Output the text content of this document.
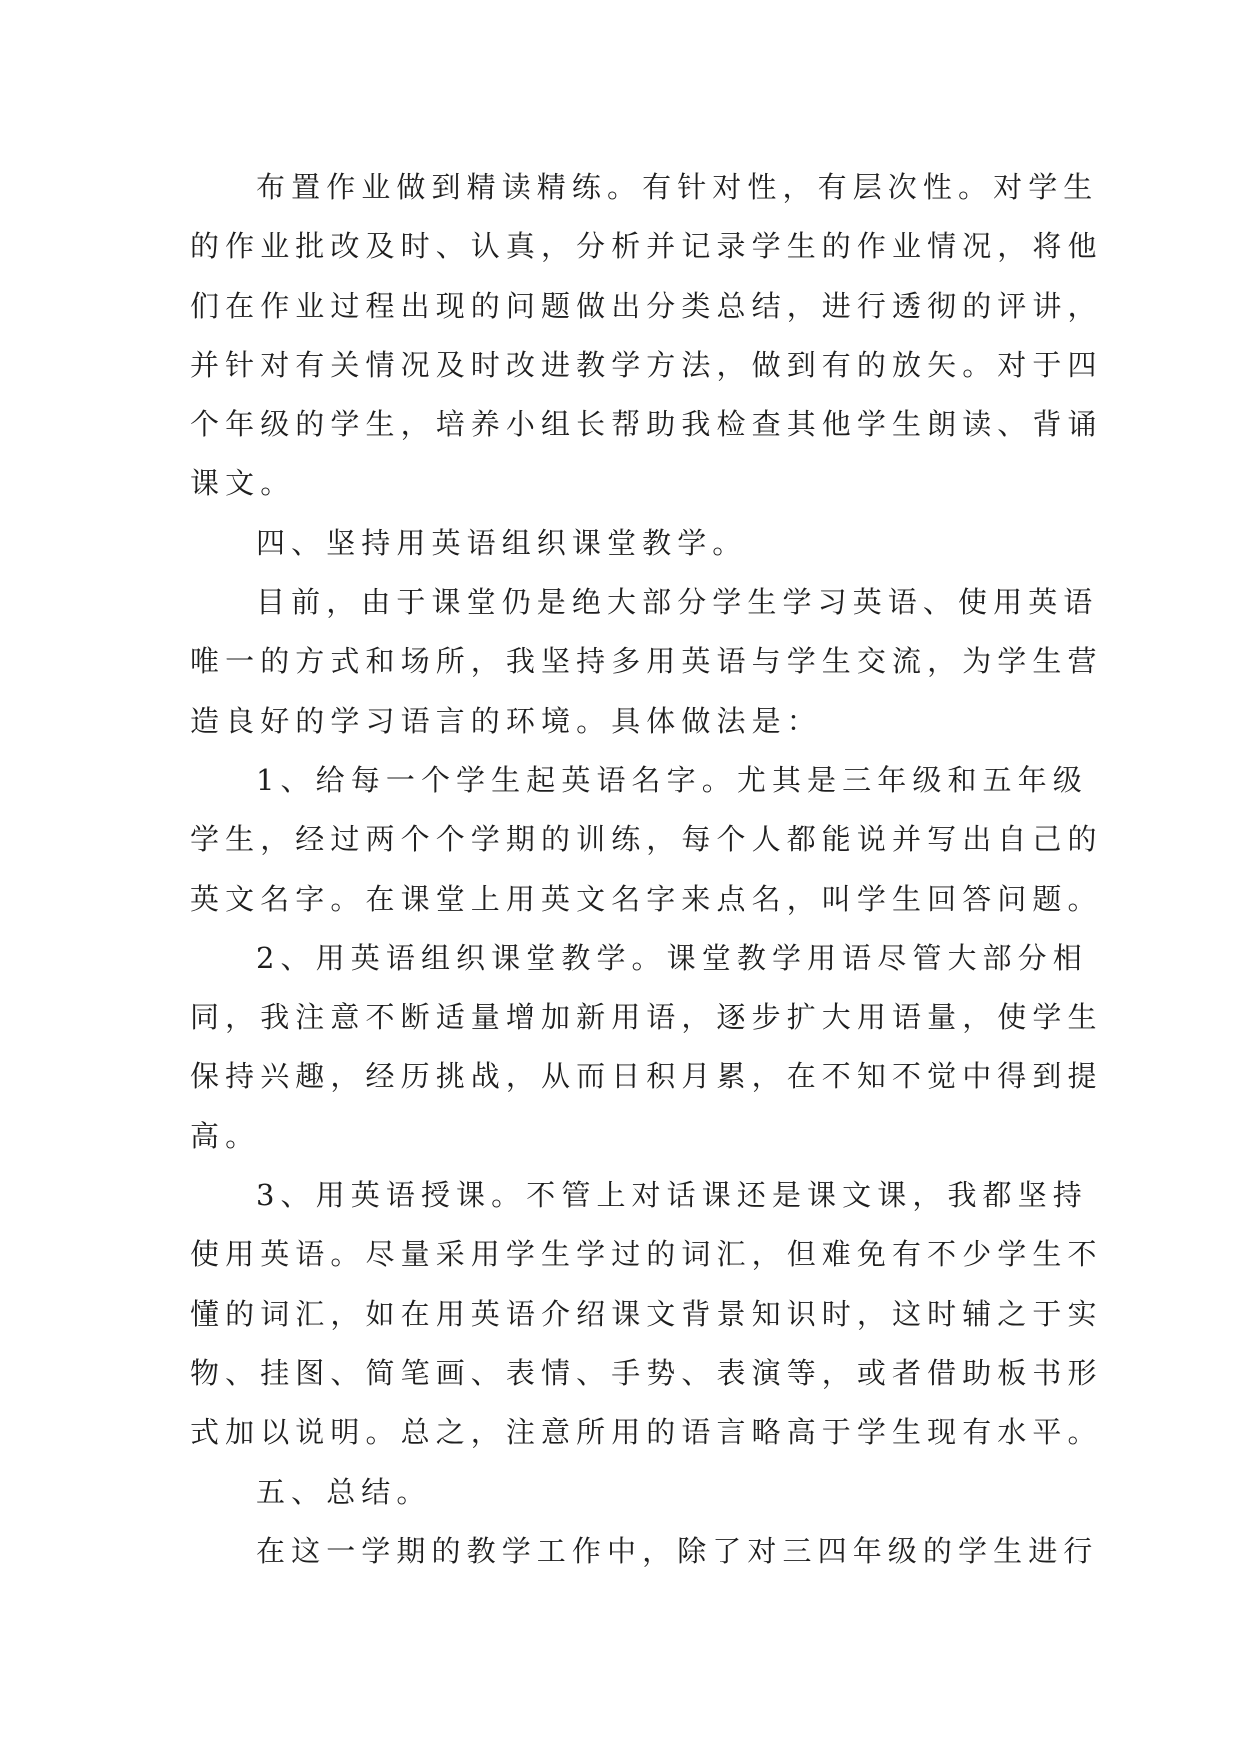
布置作业做到精读精练。有针对性，有层次性。对学生

的作业批改及时、认真，分析并记录学生的作业情况，将他

们在作业过程出现的问题做出分类总结，进行透彻的评讲，

并针对有关情况及时改进教学方法，做到有的放矢。对于四

个年级的学生，培养小组长帮助我检查其他学生朗读、背诵

课文。

四、坚持用英语组织课堂教学。

目前，由于课堂仍是绝大部分学生学习英语、使用英语

唯一的方式和场所，我坚持多用英语与学生交流，为学生营

造良好的学习语言的环境。具体做法是：

1、给每一个学生起英语名字。尤其是三年级和五年级

学生，经过两个个学期的训练，每个人都能说并写出自己的

英文名字。在课堂上用英文名字来点名，叫学生回答问题。

2、用英语组织课堂教学。课堂教学用语尽管大部分相

同，我注意不断适量增加新用语，逐步扩大用语量，使学生

保持兴趣，经历挑战，从而日积月累，在不知不觉中得到提

高。

3、用英语授课。不管上对话课还是课文课，我都坚持

使用英语。尽量采用学生学过的词汇，但难免有不少学生不

懂的词汇，如在用英语介绍课文背景知识时，这时辅之于实

物、挂图、简笔画、表情、手势、表演等，或者借助板书形

式加以说明。总之，注意所用的语言略高于学生现有水平。

五、总结。

在这一学期的教学工作中，除了对三四年级的学生进行
